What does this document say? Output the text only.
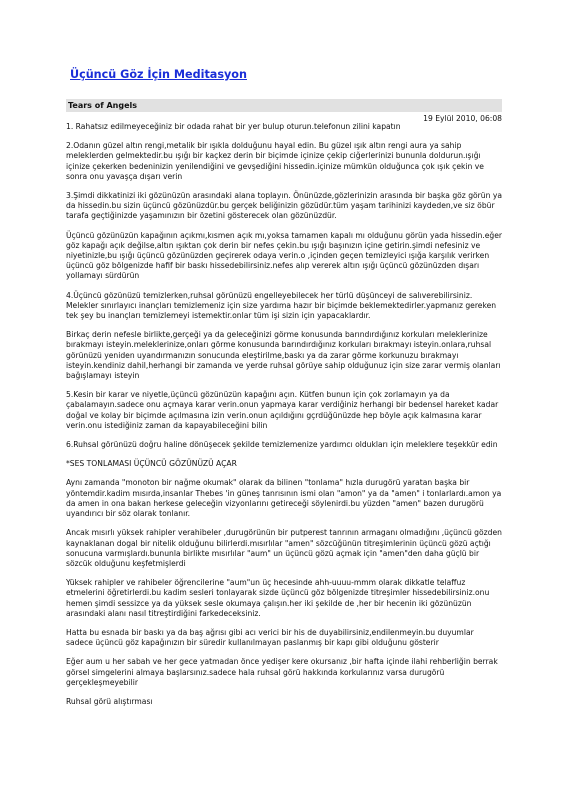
Üçüncü Göz İçin Meditasyon
Tears of Angels
19 Eylül 2010, 06:08

1. Rahatsız edilmeyeceğiniz bir odada rahat bir yer bulup oturun.telefonun zilini kapatın

2.Odanın güzel altın rengi,metalik bir ışıkla dolduğunu hayal edin. Bu güzel ışık altın rengi aura ya sahip meleklerden gelmektedir.bu ışığı bir kaçkez derin bir biçimde içinize çekip ciğerlerinizi bununla doldurun.ışığı içinize çekerken bedeninizin yenilendiğini ve gevşediğini hissedin.içinize mümkün olduğunca çok ışık çekin ve sonra onu yavaşça dışarı verin

3.Şimdi dikkatinizi iki gözünüzün arasındaki alana toplayın. Önünüzde,gözlerinizin arasında bir başka göz görün ya da hissedin.bu sizin üçüncü gözünüzdür.bu gerçek beliğinizin gözüdür.tüm yaşam tarihinizi kaydeden,ve siz öbür tarafa geçtiğinizde yaşamınızın bir özetini gösterecek olan gözünüzdür.

Üçüncü gözünüzün kapağının açıkmı,kısmen açık mı,yoksa tamamen kapalı mı olduğunu görün yada hissedin.eğer göz kapağı açık değilse,altın ışıktan çok derin bir nefes çekin.bu ışığı başınızın içine getirin.şimdi nefesiniz ve niyetinizle,bu ışığı üçüncü gözünüzden geçirerek odaya verin.o ,içinden geçen temizleyici ışığa karşılık verirken üçüncü göz bölgenizde hafif bir baskı hissedebilirsiniz.nefes alıp vererek altın ışığı üçüncü gözünüzden dışarı yollamayı sürdürün

4.Üçüncü gözünüzü temizlerken,ruhsal görünüzü engelleyebilecek her türlü düşünceyi de salıverebilirsiniz. Melekler sınırlayıcı inançları temizlemeniz için size yardıma hazır bir biçimde beklemektedirler.yapmanız gereken tek şey bu inançları temizlemeyi istemektir.onlar tüm işi sizin için yapacaklardır.

Birkaç derin nefesle birlikte,gerçeği ya da geleceğinizi görme konusunda barındırdığınız korkuları meleklerinize bırakmayı isteyin.meleklerinize,onları görme konusunda barındırdığınız korkuları bırakmayı isteyin.onlara,ruhsal görünüzü yeniden uyandırmanızın sonucunda eleştirilme,baskı ya da zarar görme korkunuzu bırakmayı isteyin.kendiniz dahil,herhangi bir zamanda ve yerde ruhsal görüye sahip olduğunuz için size zarar vermiş olanları bağışlamayı isteyin

5.Kesin bir karar ve niyetle,üçüncü gözünüzün kapağını açın. Kütfen bunun için çok zorlamayın ya da çabalamayın.sadece onu açmaya karar verin.onun yapmaya karar verdiğiniz herhangi bir bedensel hareket kadar doğal ve kolay bir biçimde açılmasına izin verin.onun açıldığını gçrdüğünüzde hep böyle açık kalmasına karar verin.onu istediğiniz zaman da kapayabileceğini bilin

6.Ruhsal görünüzü doğru haline dönüşecek şekilde temizlemenize yardımcı oldukları için meleklere teşekkür edin

*SES TONLAMASI ÜÇÜNCÜ GÖZÜNÜZÜ AÇAR

Aynı zamanda "monoton bir nağme okumak" olarak da bilinen "tonlama" hızla durugörü yaratan başka bir yöntemdir.kadim mısırda,insanlar Thebes 'in güneş tanrısının ismi olan "amon" ya da "amen" i tonlarlardı.amon ya da amen in ona bakan herkese geleceğin vizyonlarını getireceği söylenirdi.bu yüzden "amen" bazen durugörü uyandırıcı bir söz olarak tonlanır.

Ancak mısırlı yüksek rahipler verahibeler ,durugörünün bir putperest tanrının armaganı olmadığını ,üçüncü gözden kaynaklanan dogal bir nitelik olduğunu bilirlerdi.mısırlılar "amen" sözcüğünün titreşimlerinin üçüncü gözü açtığı sonucuna varmışlardı.bununla birlikte mısırlılar "aum" un üçüncü gözü açmak için "amen"den daha güçlü bir sözcük olduğunu keşfetmişlerdi

Yüksek rahipler ve rahibeler öğrencilerine "aum"un üç hecesinde ahh-uuuu-mmm olarak dikkatle telaffuz etmelerini öğretirlerdi.bu kadim sesleri tonlayarak sizde üçüncü göz bölgenizde titreşimler hissedebilirsiniz.onu hemen şimdi sessizce ya da yüksek sesle okumaya çalışın.her iki şekilde de ,her bir hecenin iki gözünüzün arasındaki alanı nasıl titreştirdiğini farkedeceksiniz.

Hatta bu esnada bir baskı ya da baş ağrısı gibi acı verici bir his de duyabilirsiniz,endilenmeyin.bu duyumlar sadece üçüncü göz kapağınızın bir süredir kullanılmayan paslanmış bir kapı gibi olduğunu gösterir

Eğer aum u her sabah ve her gece yatmadan önce yedişer kere okursanız ,bir hafta içinde ilahi rehberliğin berrak görsel simgelerini almaya başlarsınız.sadece hala ruhsal görü hakkında korkularınız varsa durugörü gerçekleşmeyebilir

Ruhsal görü alıştırması
